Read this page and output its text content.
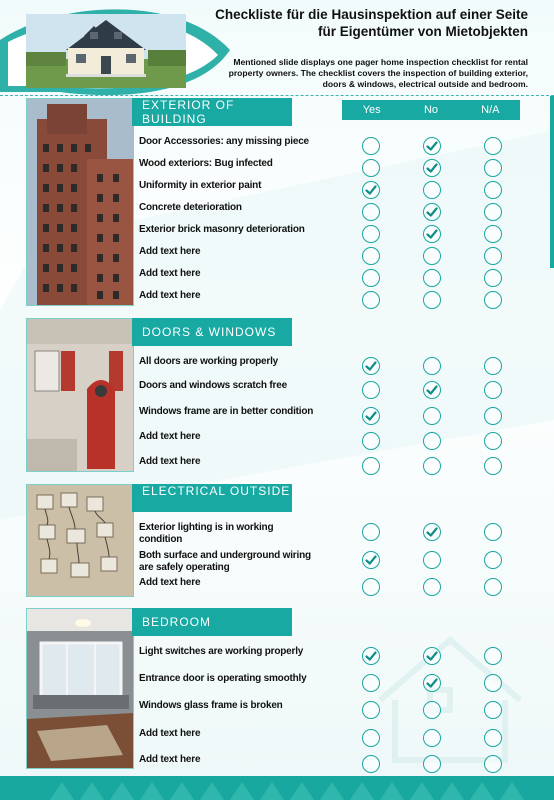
Checkliste für die Hausinspektion auf einer Seite für Eigentümer von Mietobjekten
Mentioned slide displays one pager home inspection checklist for rental property owners. The checklist covers the inspection of building exterior, doors & windows, electrical outside and bedroom.
Yes	No	N/A
EXTERIOR OF BUILDING
Door Accessories: any missing piece
Wood exteriors: Bug infected
Uniformity in exterior paint
Concrete deterioration
Exterior brick masonry deterioration
Add text here
Add text here
Add text here
DOORS & WINDOWS
All doors are working properly
Doors and windows scratch free
Windows frame are in better condition
Add text here
Add text here
ELECTRICAL OUTSIDE
Exterior lighting is in working condition
Both surface and underground wiring are safely operating
Add text here
BEDROOM
Light switches are working properly
Entrance door is operating smoothly
Windows glass frame is broken
Add text here
Add text here
